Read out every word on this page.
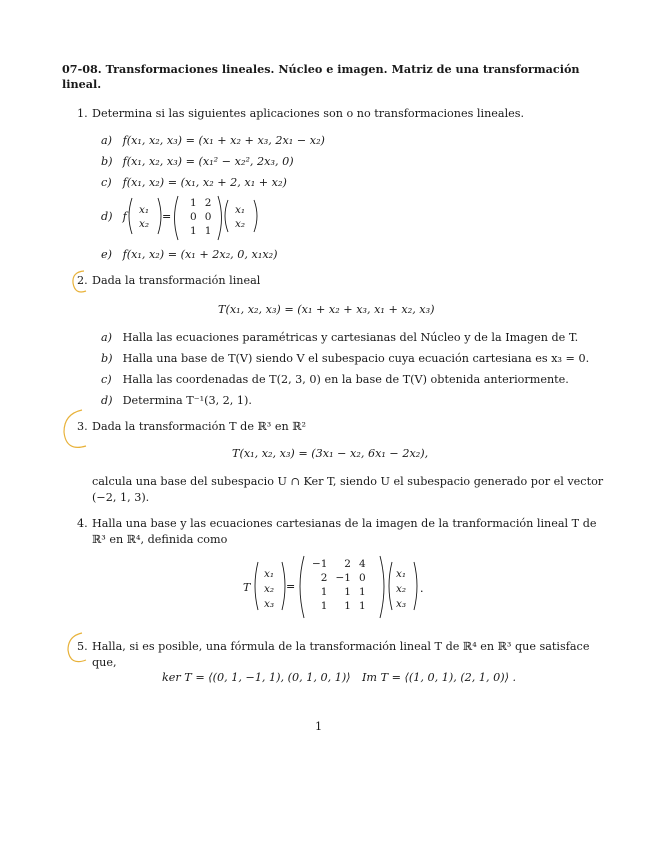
07-08. Transformaciones lineales. Núcleo e imagen. Matriz de una transformación lineal.
1. Determina si las siguientes aplicaciones son o no transformaciones lineales.
a) f(x₁, x₂, x₃) = (x₁ + x₂ + x₃, 2x₁ − x₂)
b) f(x₁, x₂, x₃) = (x₁² − x₂², 2x₃, 0)
c) f(x₁, x₂) = (x₁, x₂ + 2, x₁ + x₂)
d) f	=
x₁
x₂
1	2
0	0
1	1
x₁
x₂
e) f(x₁, x₂) = (x₁ + 2x₂, 0, x₁x₂)
2. Dada la transformación lineal
T(x₁, x₂, x₃) = (x₁ + x₂ + x₃, x₁ + x₂, x₃)
a) Halla las ecuaciones paramétricas y cartesianas del Núcleo y de la Imagen de T.
b) Halla una base de T(V) siendo V el subespacio cuya ecuación cartesiana es x₃ = 0.
c) Halla las coordenadas de T(2, 3, 0) en la base de T(V) obtenida anteriormente.
d) Determina T⁻¹(3, 2, 1).
3. Dada la transformación T de ℝ³ en ℝ²
T(x₁, x₂, x₃) = (3x₁ − x₂, 6x₁ − 2x₂),
calcula una base del subespacio U ∩ Ker T, siendo U el subespacio generado por el vector
(−2, 1, 3).
4. Halla una base y las ecuaciones cartesianas de la imagen de la tranformación lineal T de
ℝ³ en ℝ⁴, definida como
T	=	.
x₁
x₂
x₃
−1	2	4
2	−1	0
1	1	1
1	1	1
x₁
x₂
x₃
5. Halla, si es posible, una fórmula de la transformación lineal T de ℝ⁴ en ℝ³ que satisface
que,
ker T = ⟨(0, 1, −1, 1), (0, 1, 0, 1)⟩ Im T = ⟨(1, 0, 1), (2, 1, 0)⟩ .
1
